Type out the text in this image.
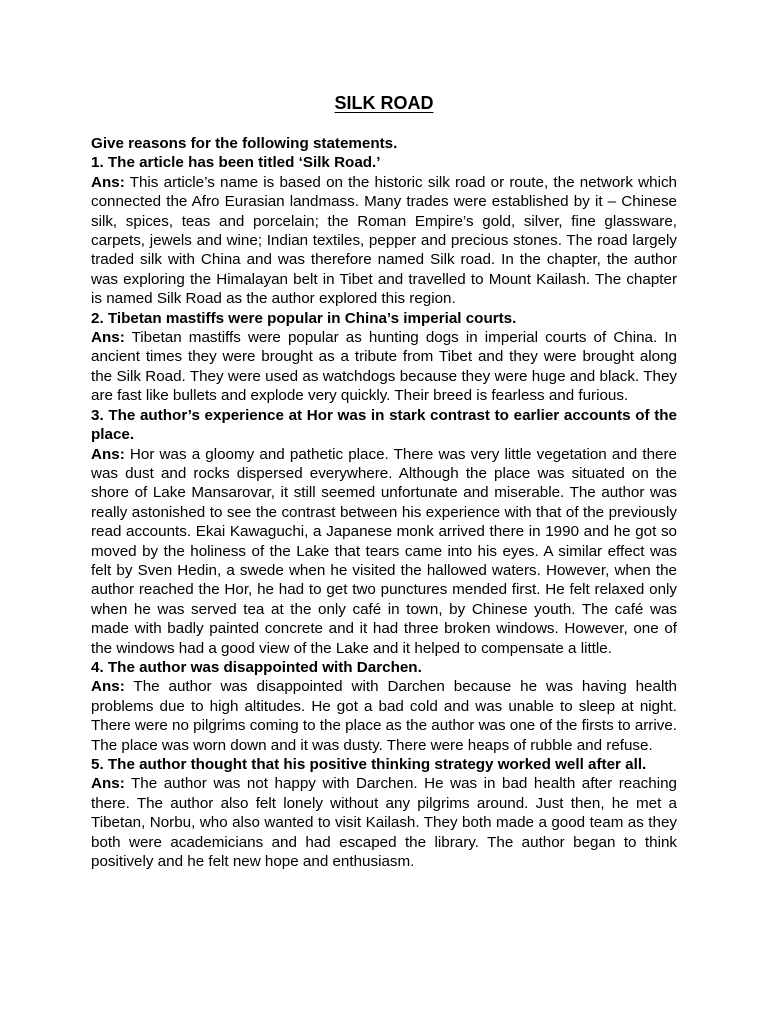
SILK ROAD

Give reasons for the following statements.

1. The article has been titled ‘Silk Road.’

Ans: This article’s name is based on the historic silk road or route, the network which connected the Afro Eurasian landmass. Many trades were established by it – Chinese silk, spices, teas and porcelain; the Roman Empire’s gold, silver, fine glassware, carpets, jewels and wine; Indian textiles, pepper and precious stones. The road largely traded silk with China and was therefore named Silk road. In the chapter, the author was exploring the Himalayan belt in Tibet and travelled to Mount Kailash. The chapter is named Silk Road as the author explored this region.

2. Tibetan mastiffs were popular in China’s imperial courts.

Ans: Tibetan mastiffs were popular as hunting dogs in imperial courts of China. In ancient times they were brought as a tribute from Tibet and they were brought along the Silk Road. They were used as watchdogs because they were huge and black. They are fast like bullets and explode very quickly. Their breed is fearless and furious.

3. The author’s experience at Hor was in stark contrast to earlier accounts of the place.

Ans: Hor was a gloomy and pathetic place. There was very little vegetation and there was dust and rocks dispersed everywhere. Although the place was situated on the shore of Lake Mansarovar, it still seemed unfortunate and miserable. The author was really astonished to see the contrast between his experience with that of the previously read accounts. Ekai Kawaguchi, a Japanese monk arrived there in 1990 and he got so moved by the holiness of the Lake that tears came into his eyes. A similar effect was felt by Sven Hedin, a swede when he visited the hallowed waters. However, when the author reached the Hor, he had to get two punctures mended first. He felt relaxed only when he was served tea at the only café in town, by Chinese youth. The café was made with badly painted concrete and it had three broken windows. However, one of the windows had a good view of the Lake and it helped to compensate a little.

4. The author was disappointed with Darchen.

Ans: The author was disappointed with Darchen because he was having health problems due to high altitudes. He got a bad cold and was unable to sleep at night. There were no pilgrims coming to the place as the author was one of the firsts to arrive. The place was worn down and it was dusty. There were heaps of rubble and refuse.

5. The author thought that his positive thinking strategy worked well after all.

Ans: The author was not happy with Darchen. He was in bad health after reaching there. The author also felt lonely without any pilgrims around. Just then, he met a Tibetan, Norbu, who also wanted to visit Kailash. They both made a good team as they both were academicians and had escaped the library. The author began to think positively and he felt new hope and enthusiasm.
